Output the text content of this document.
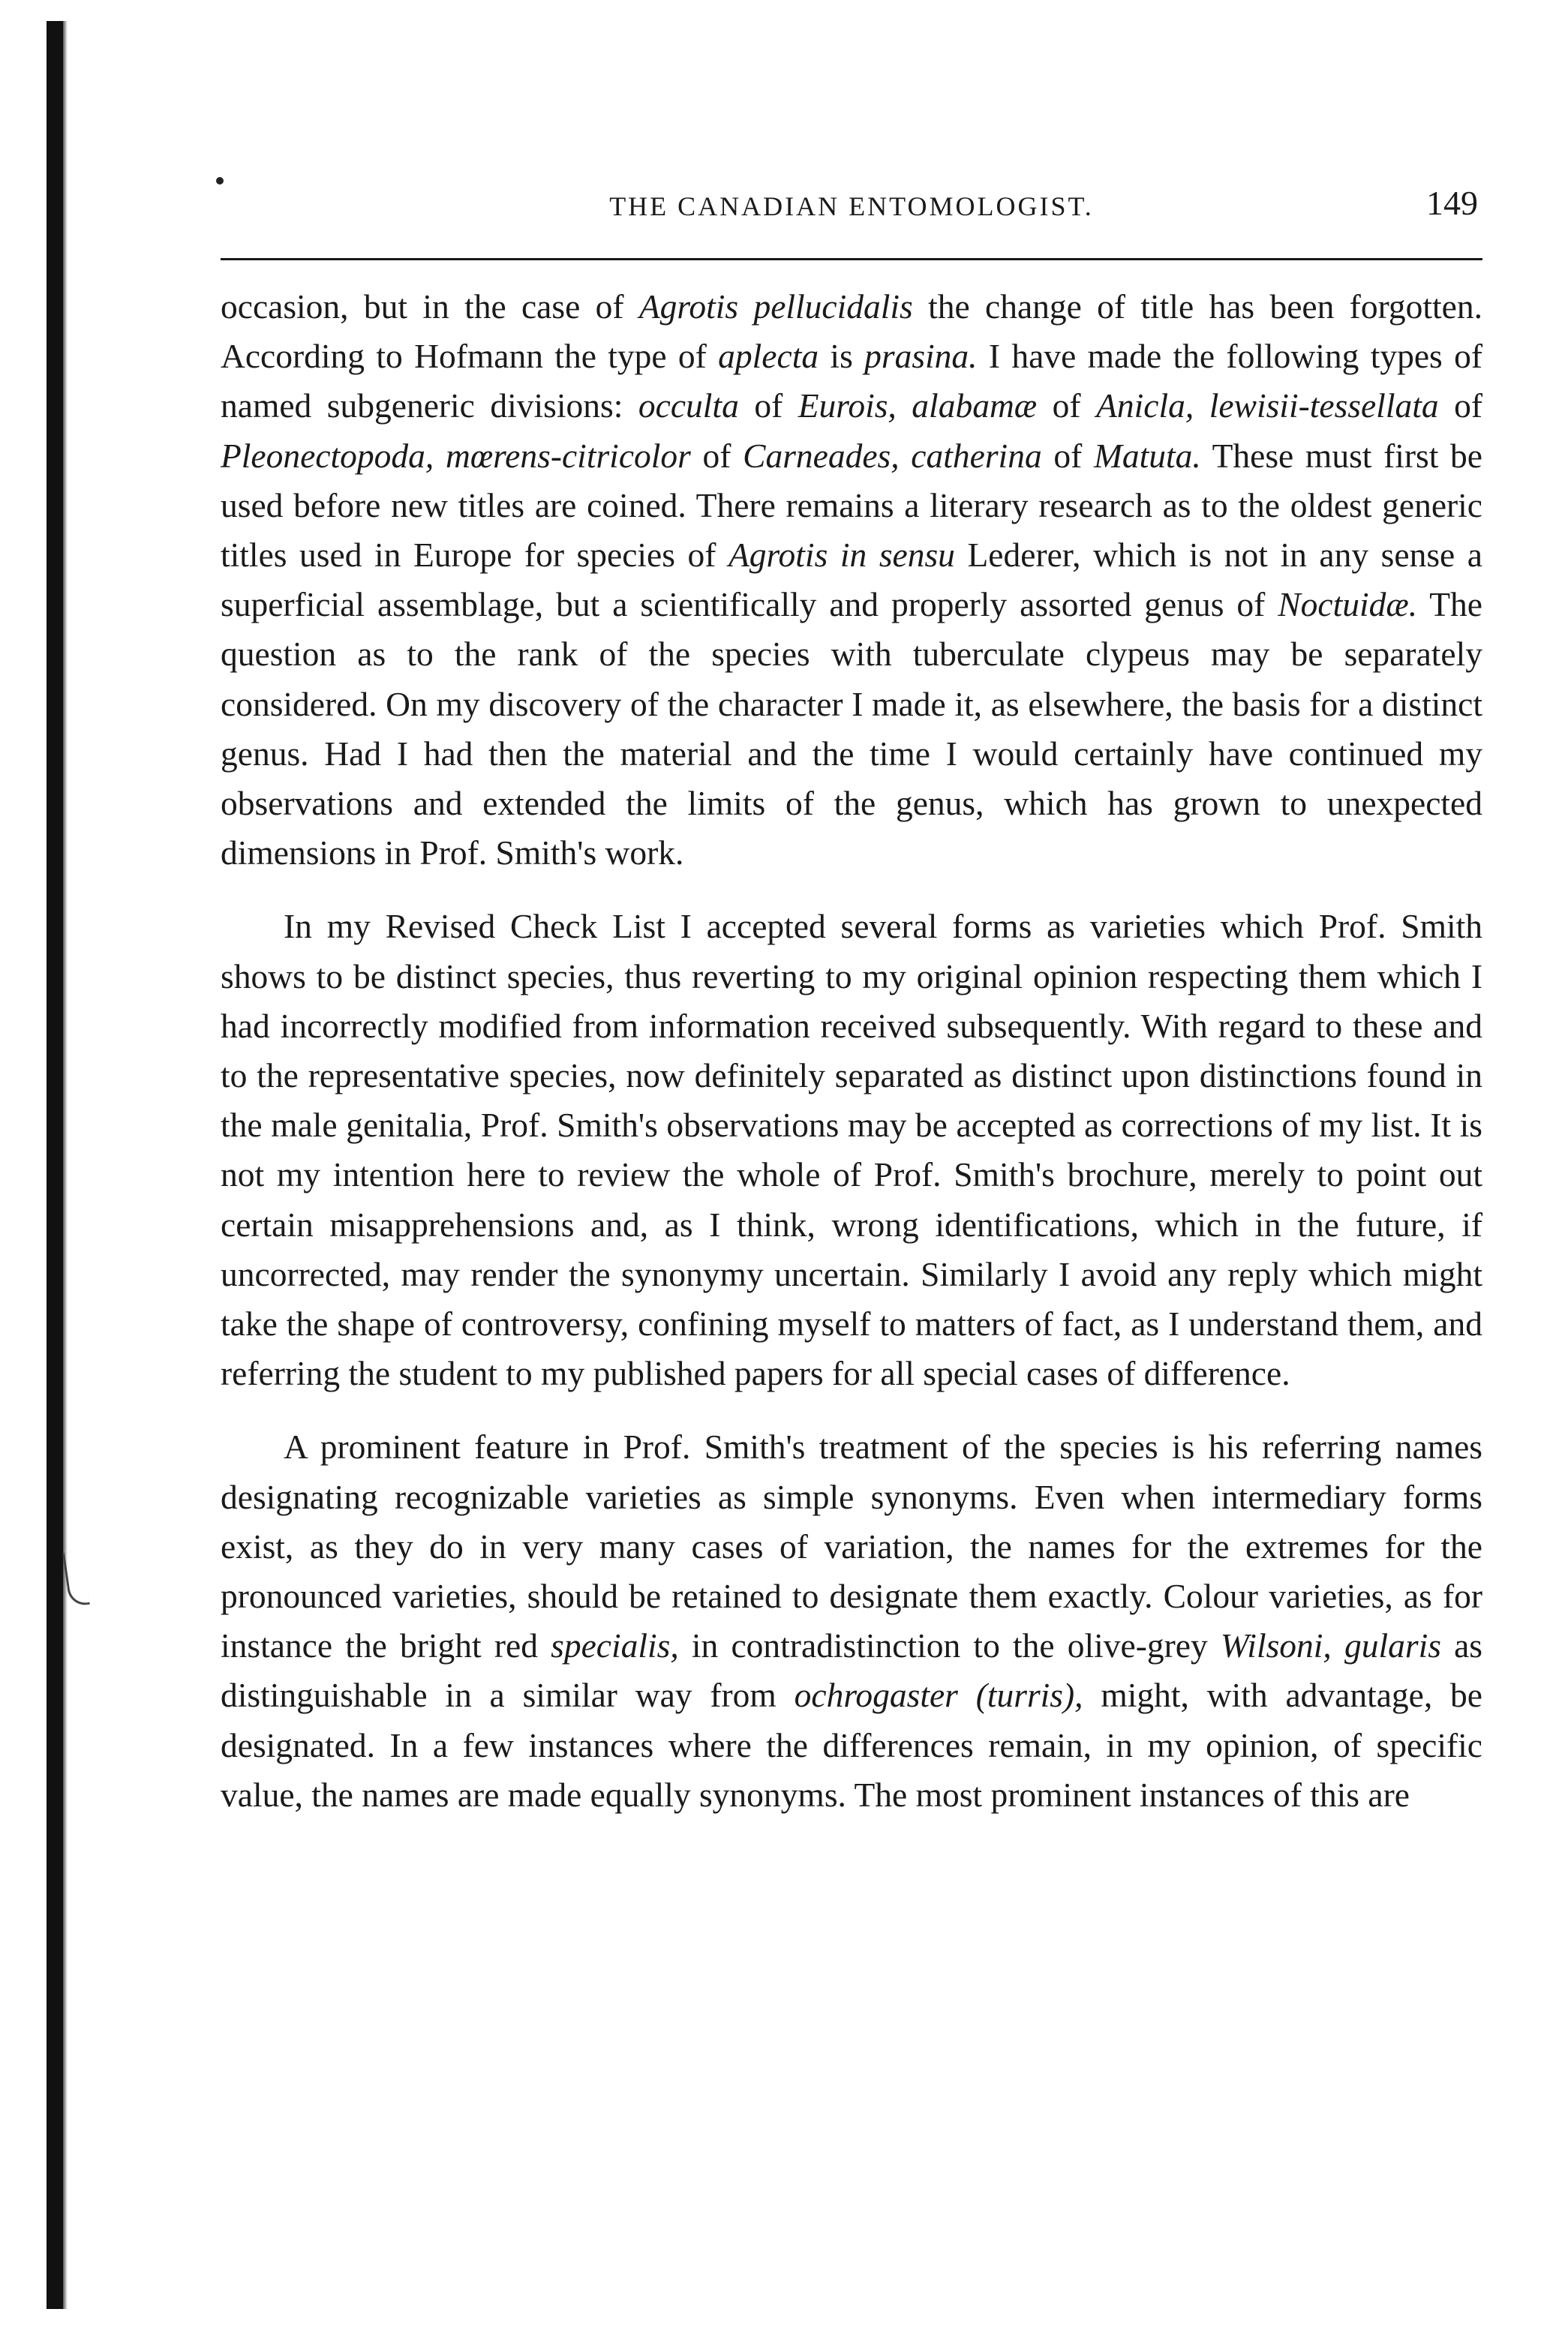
THE CANADIAN ENTOMOLOGIST.	149

occasion, but in the case of Agrotis pellucidalis the change of title has been forgotten. According to Hofmann the type of aplecta is prasina. I have made the following types of named subgeneric divisions: occulta of Eurois, alabamæ of Anicla, lewisii-tessellata of Pleonectopoda, mœrens-citricolor of Carneades, catherina of Matuta. These must first be used before new titles are coined. There remains a literary research as to the oldest generic titles used in Europe for species of Agrotis in sensu Lederer, which is not in any sense a superficial assemblage, but a scientifically and properly assorted genus of Noctuidæ. The question as to the rank of the species with tuberculate clypeus may be separately considered. On my discovery of the character I made it, as elsewhere, the basis for a distinct genus. Had I had then the material and the time I would certainly have continued my observations and extended the limits of the genus, which has grown to unexpected dimensions in Prof. Smith's work.

In my Revised Check List I accepted several forms as varieties which Prof. Smith shows to be distinct species, thus reverting to my original opinion respecting them which I had incorrectly modified from information received subsequently. With regard to these and to the representative species, now definitely separated as distinct upon distinctions found in the male genitalia, Prof. Smith's observations may be accepted as corrections of my list. It is not my intention here to review the whole of Prof. Smith's brochure, merely to point out certain misapprehensions and, as I think, wrong identifications, which in the future, if uncorrected, may render the synonymy uncertain. Similarly I avoid any reply which might take the shape of controversy, confining myself to matters of fact, as I understand them, and referring the student to my published papers for all special cases of difference.

A prominent feature in Prof. Smith's treatment of the species is his referring names designating recognizable varieties as simple synonyms. Even when intermediary forms exist, as they do in very many cases of variation, the names for the extremes for the pronounced varieties, should be retained to designate them exactly. Colour varieties, as for instance the bright red specialis, in contradistinction to the olive-grey Wilsoni, gularis as distinguishable in a similar way from ochrogaster (turris), might, with advantage, be designated. In a few instances where the differences remain, in my opinion, of specific value, the names are made equally synonyms. The most prominent instances of this are
